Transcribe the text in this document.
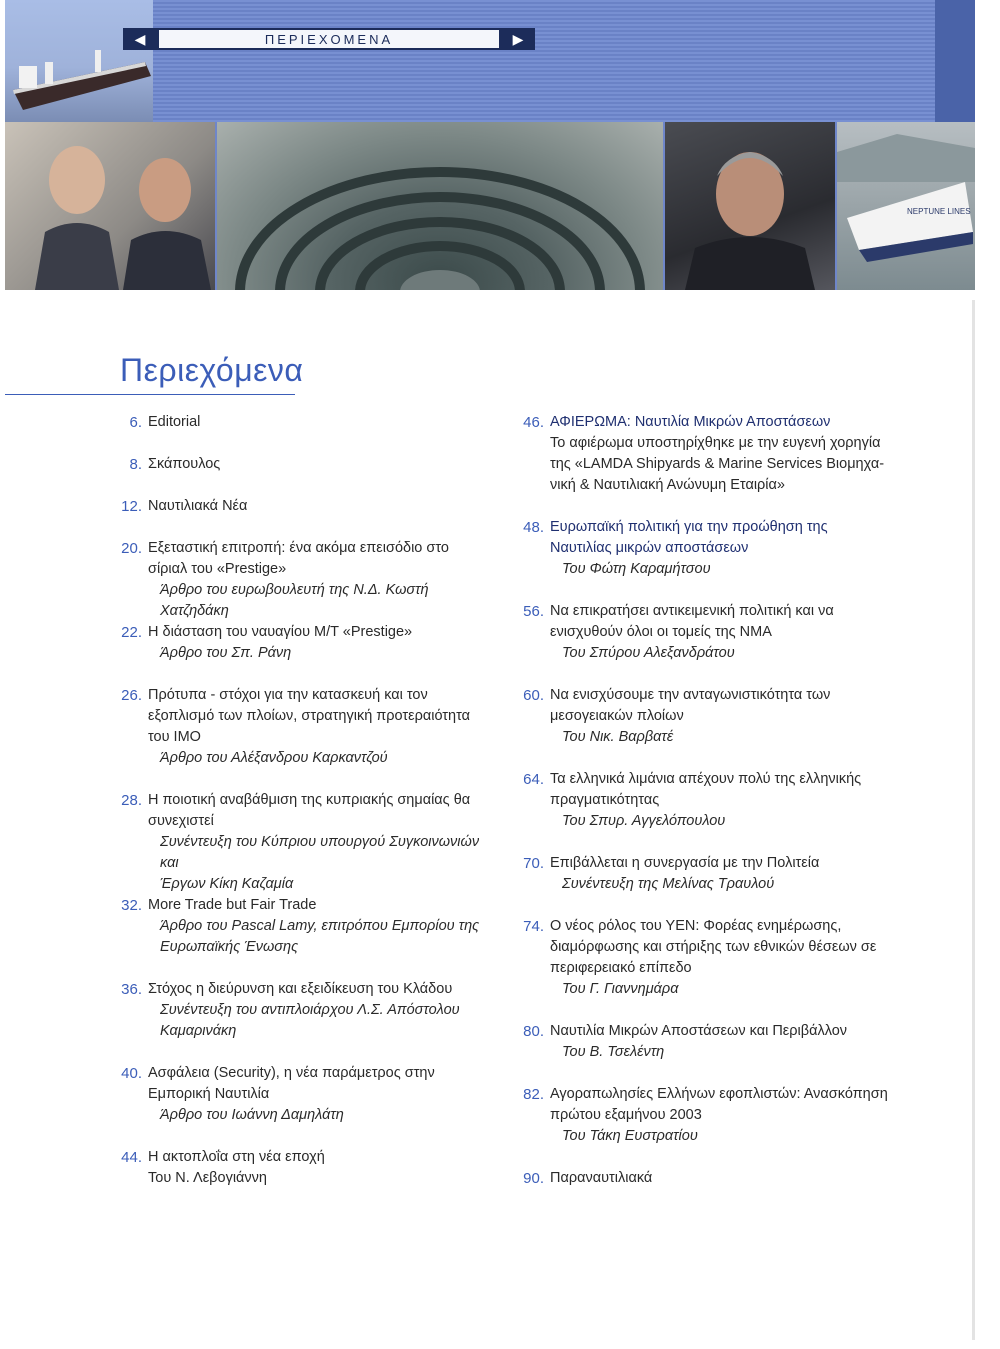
◀	ΠΕΡΙΕΧΟΜΕΝΑ	▶
NEPTUNE LINES
Περιεχόμενα
6. Editorial
8. Σκάπουλος
12. Ναυτιλιακά Νέα
20. Εξεταστική επιτροπή: ένα ακόμα επεισόδιο στο
σίριαλ του «Prestige»
Άρθρο του ευρωβουλευτή της Ν.Δ. Κωστή Χατζηδάκη
22. Η διάσταση του ναυαγίου Μ/Τ «Prestige»
Άρθρο του Σπ. Ράνη
26. Πρότυπα - στόχοι για την κατασκευή και τον
εξοπλισμό των πλοίων, στρατηγική προτεραιότητα
του ΙΜΟ
Άρθρο του Αλέξανδρου Καρκαντζού
28. Η ποιοτική αναβάθμιση της κυπριακής σημαίας θα
συνεχιστεί
Συνέντευξη του Κύπριου υπουργού Συγκοινωνιών και
Έργων Κίκη Καζαμία
32. More Trade but Fair Trade
Άρθρο του Pascal Lamy, επιτρόπου Εμπορίου της
Ευρωπαϊκής Ένωσης
36. Στόχος η διεύρυνση και εξειδίκευση του Κλάδου
Συνέντευξη του αντιπλοιάρχου Λ.Σ. Απόστολου
Καμαρινάκη
40. Ασφάλεια (Security), η νέα παράμετρος στην
Εμπορική Ναυτιλία
Άρθρο του Ιωάννη Δαμηλάτη
44. Η ακτοπλοΐα στη νέα εποχή
Του Ν. Λεβογιάννη
46. ΑΦΙΕΡΩΜΑ: Ναυτιλία Μικρών Αποστάσεων
Το αφιέρωμα υποστηρίχθηκε με την ευγενή χορηγία
της «LAMDA Shipyards & Marine Services Βιομηχα-
νική & Ναυτιλιακή Ανώνυμη Εταιρία»
48. Ευρωπαϊκή πολιτική για την προώθηση της
Ναυτιλίας μικρών αποστάσεων
Του Φώτη Καραμήτσου
56. Να επικρατήσει αντικειμενική πολιτική και να
ενισχυθούν όλοι οι τομείς της ΝΜΑ
Του Σπύρου Αλεξανδράτου
60. Να ενισχύσουμε την ανταγωνιστικότητα των
μεσογειακών πλοίων
Του Νικ. Βαρβατέ
64. Τα ελληνικά λιμάνια απέχουν πολύ της ελληνικής
πραγματικότητας
Του Σπυρ. Αγγελόπουλου
70. Επιβάλλεται η συνεργασία με την Πολιτεία
Συνέντευξη της Μελίνας Τραυλού
74. Ο νέος ρόλος του ΥΕΝ: Φορέας ενημέρωσης,
διαμόρφωσης και στήριξης των εθνικών θέσεων σε
περιφερειακό επίπεδο
Του Γ. Γιαννημάρα
80. Ναυτιλία Μικρών Αποστάσεων και Περιβάλλον
Του Β. Τσελέντη
82. Αγοραπωλησίες Ελλήνων εφοπλιστών: Ανασκόπηση
πρώτου εξαμήνου 2003
Του Τάκη Ευστρατίου
90. Παραναυτιλιακά
